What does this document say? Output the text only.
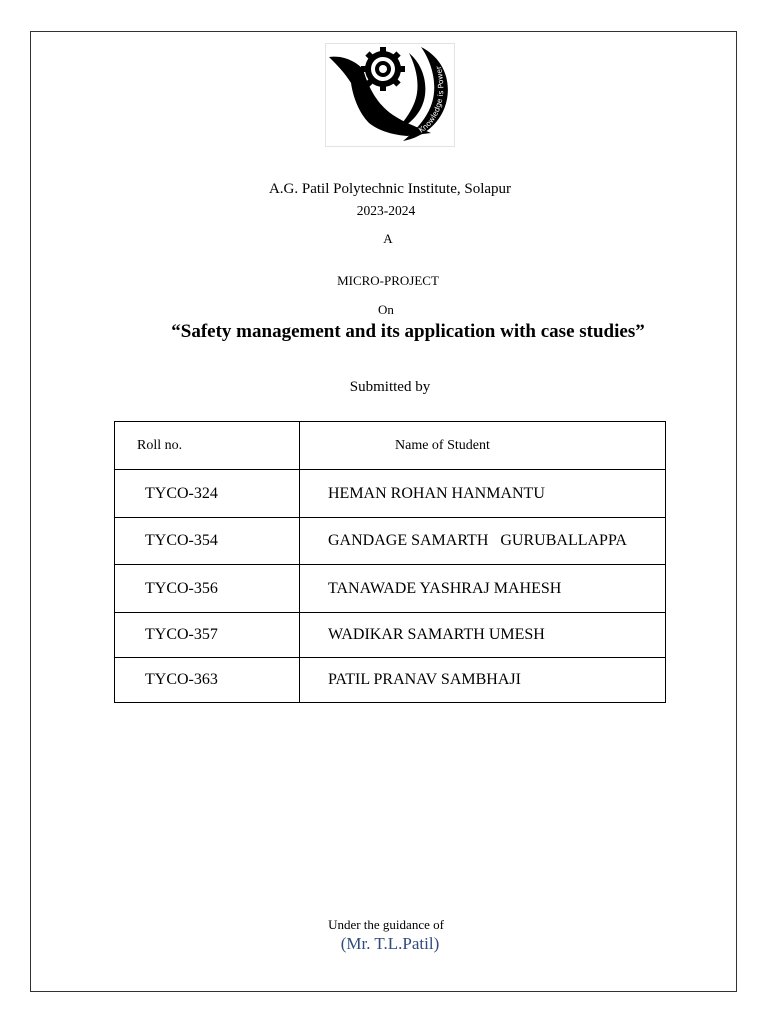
Knowledge is Power
A.G. Patil Polytechnic Institute, Solapur
2023-2024
A
MICRO-PROJECT
On
“Safety management and its application with case studies”
Submitted by
Roll no.	Name of Student
TYCO-324	HEMAN ROHAN HANMANTU
TYCO-354	GANDAGE SAMARTH   GURUBALLAPPA
TYCO-356	TANAWADE YASHRAJ MAHESH
TYCO-357	WADIKAR SAMARTH UMESH
TYCO-363	PATIL PRANAV SAMBHAJI
Under the guidance of
(Mr. T.L.Patil)
